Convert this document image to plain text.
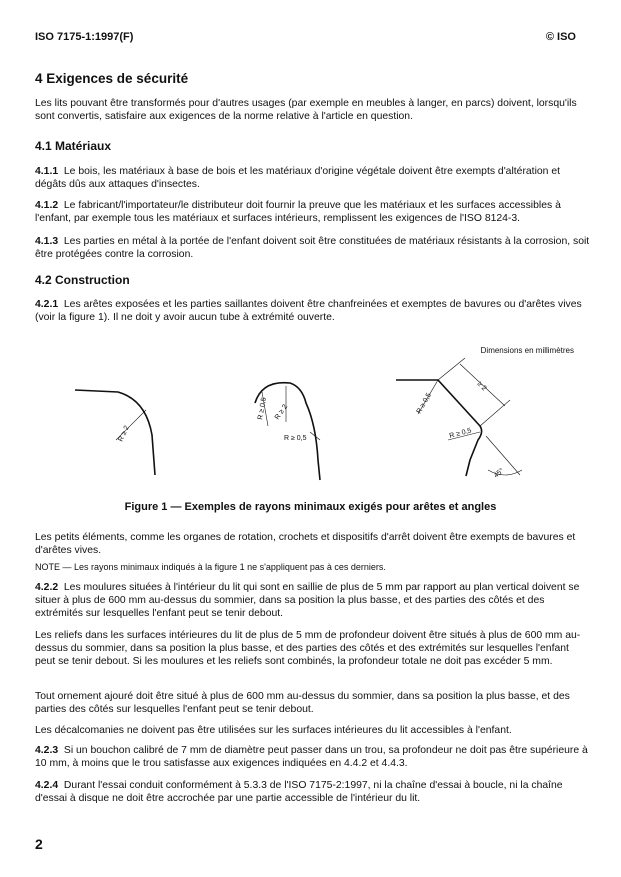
ISO 7175-1:1997(F)	© ISO
4 Exigences de sécurité

Les lits pouvant être transformés pour d'autres usages (par exemple en meubles à langer, en parcs) doivent, lorsqu'ils sont convertis, satisfaire aux exigences de la norme relative à l'article en question.

4.1 Matériaux

4.1.1 Le bois, les matériaux à base de bois et les matériaux d'origine végétale doivent être exempts d'altération et dégâts dûs aux attaques d'insectes.

4.1.2 Le fabricant/l'importateur/le distributeur doit fournir la preuve que les matériaux et les surfaces accessibles à l'enfant, par exemple tous les matériaux et surfaces intérieurs, remplissent les exigences de l'ISO 8124-3.

4.1.3 Les parties en métal à la portée de l'enfant doivent soit être constituées de matériaux résistants à la corrosion, soit être protégées contre la corrosion.

4.2 Construction

4.2.1 Les arêtes exposées et les parties saillantes doivent être chanfreinées et exemptes de bavures ou d'arêtes vives (voir la figure 1). Il ne doit y avoir aucun tube à extrémité ouverte.

Dimensions en millimètres
R ≥ 2
R ≥ 0,5 R ≥ 2
R ≥ 0,5
R ≥ 0,5
≥ 2
R ≥ 0,5
45°
Figure 1 — Exemples de rayons minimaux exigés pour arêtes et angles

Les petits éléments, comme les organes de rotation, crochets et dispositifs d'arrêt doivent être exempts de bavures et d'arêtes vives.

NOTE — Les rayons minimaux indiqués à la figure 1 ne s'appliquent pas à ces derniers.

4.2.2 Les moulures situées à l'intérieur du lit qui sont en saillie de plus de 5 mm par rapport au plan vertical doivent se situer à plus de 600 mm au-dessus du sommier, dans sa position la plus basse, et des parties des côtés et des extrémités sur lesquelles l'enfant peut se tenir debout.

Les reliefs dans les surfaces intérieures du lit de plus de 5 mm de profondeur doivent être situés à plus de 600 mm au-dessus du sommier, dans sa position la plus basse, et des parties des côtés et des extrémités sur lesquelles l'enfant peut se tenir debout. Si les moulures et les reliefs sont combinés, la profondeur totale ne doit pas excéder 5 mm.

Tout ornement ajouré doit être situé à plus de 600 mm au-dessus du sommier, dans sa position la plus basse, et des parties des côtés sur lesquelles l'enfant peut se tenir debout.

Les décalcomanies ne doivent pas être utilisées sur les surfaces intérieures du lit accessibles à l'enfant.

4.2.3 Si un bouchon calibré de 7 mm de diamètre peut passer dans un trou, sa profondeur ne doit pas être supérieure à 10 mm, à moins que le trou satisfasse aux exigences indiquées en 4.4.2 et 4.4.3.

4.2.4 Durant l'essai conduit conformément à 5.3.3 de l'ISO 7175-2:1997, ni la chaîne d'essai à boucle, ni la chaîne d'essai à disque ne doit être accrochée par une partie accessible de l'intérieur du lit.

2
